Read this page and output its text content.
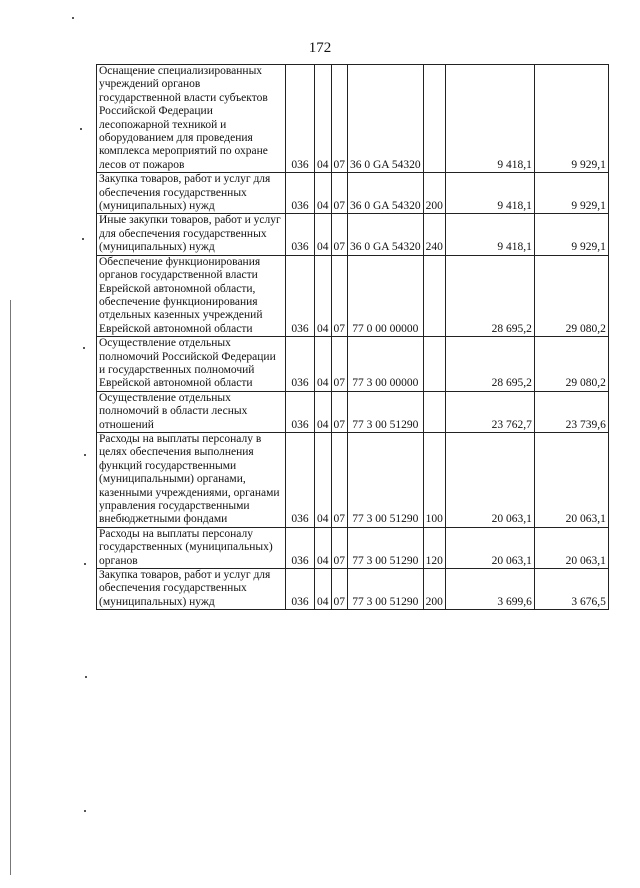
172
Оснащение специализированных учреждений органов государственной власти субъектов Российской Федерации лесопожарной техникой и оборудованием для проведения комплекса мероприятий по охране лесов от пожаров	036	04	07	36 0 GA 54320		9 418,1	9 929,1
Закупка товаров, работ и услуг для обеспечения государственных (муниципальных) нужд	036	04	07	36 0 GA 54320	200	9 418,1	9 929,1
Иные закупки товаров, работ и услуг для обеспечения государственных (муниципальных) нужд	036	04	07	36 0 GA 54320	240	9 418,1	9 929,1
Обеспечение функционирования органов государственной власти Еврейской автономной области, обеспечение функционирования отдельных казенных учреждений Еврейской автономной области	036	04	07	77 0 00 00000		28 695,2	29 080,2
Осуществление отдельных полномочий Российской Федерации и государственных полномочий Еврейской автономной области	036	04	07	77 3 00 00000		28 695,2	29 080,2
Осуществление отдельных полномочий в области лесных отношений	036	04	07	77 3 00 51290		23 762,7	23 739,6
Расходы на выплаты персоналу в целях обеспечения выполнения функций государственными (муниципальными) органами, казенными учреждениями, органами управления государственными внебюджетными фондами	036	04	07	77 3 00 51290	100	20 063,1	20 063,1
Расходы на выплаты персоналу государственных (муниципальных) органов	036	04	07	77 3 00 51290	120	20 063,1	20 063,1
Закупка товаров, работ и услуг для обеспечения государственных (муниципальных) нужд	036	04	07	77 3 00 51290	200	3 699,6	3 676,5
